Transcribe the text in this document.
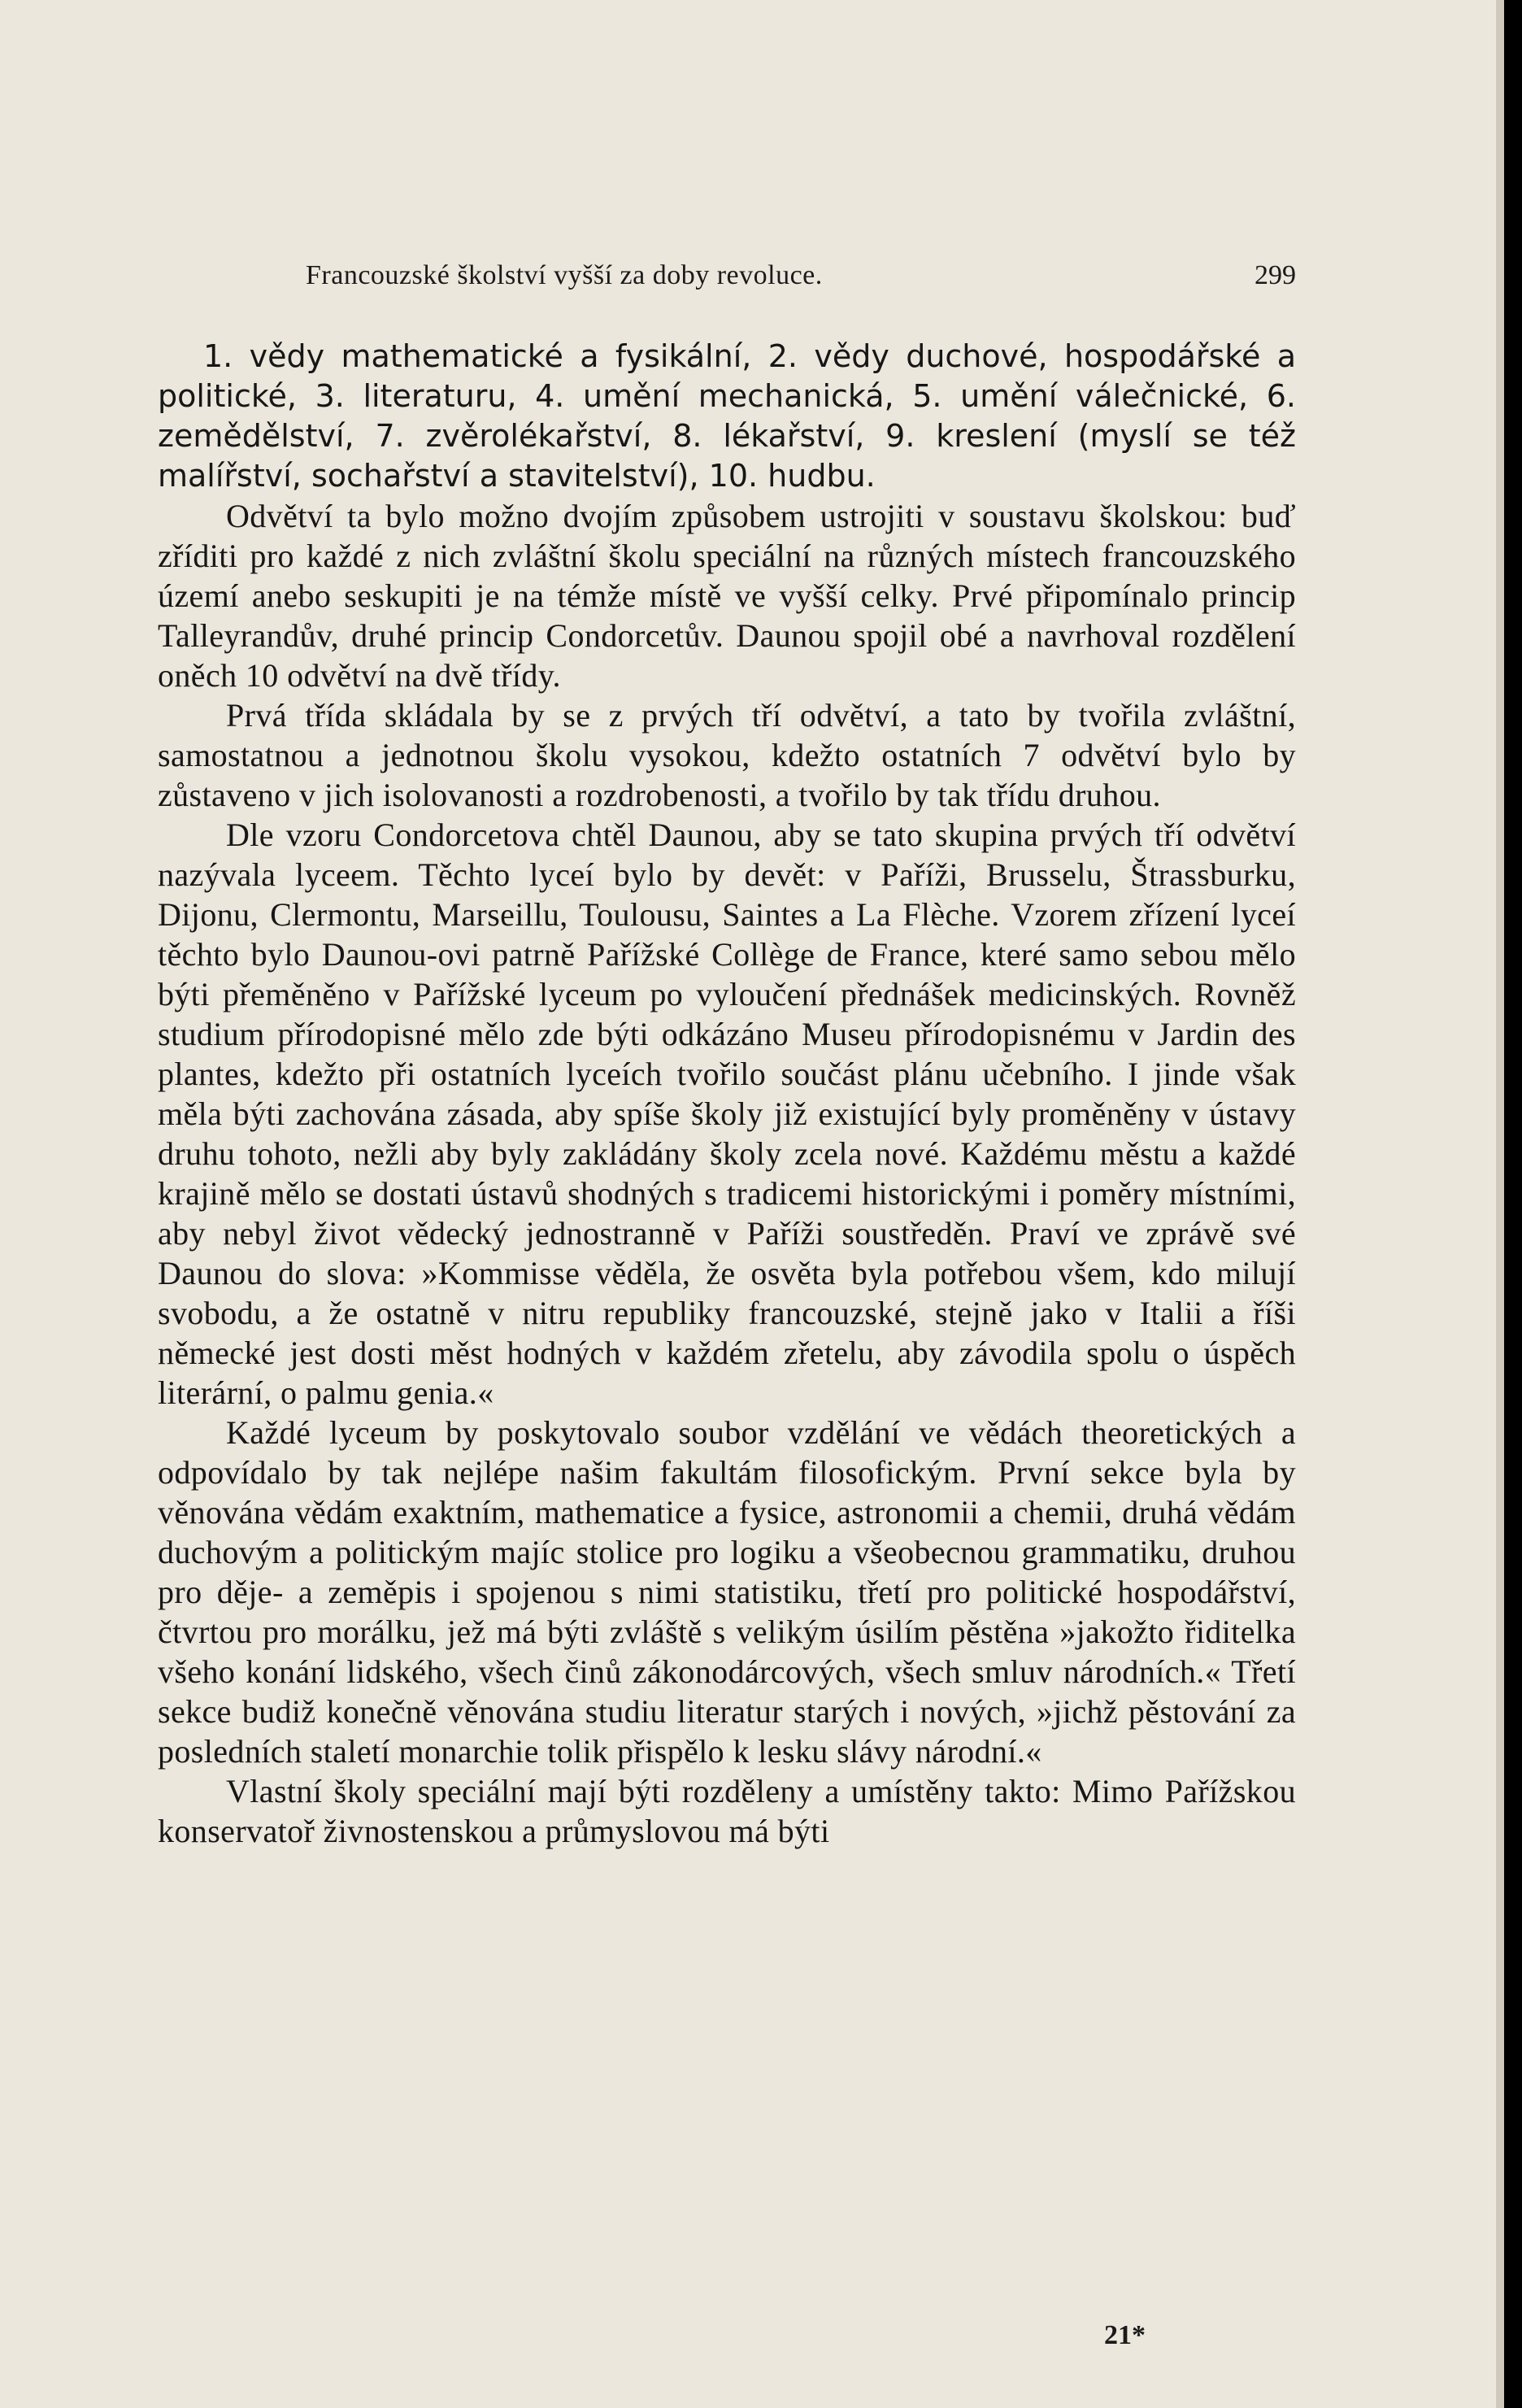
Francouzské školství vyšší za doby revoluce.	299

1. vědy mathematické a fysikální, 2. vědy duchové, hospodářské a politické, 3. literaturu, 4. umění mechanická, 5. umění válečnické, 6. zemědělství, 7. zvěrolékařství, 8. lékařství, 9. kreslení (myslí se též malířství, sochařství a stavitelství), 10. hudbu.

Odvětví ta bylo možno dvojím způsobem ustrojiti v soustavu školskou: buď zříditi pro každé z nich zvláštní školu speciální na různých místech francouzského území anebo seskupiti je na témže místě ve vyšší celky. Prvé připomínalo princip Talleyrandův, druhé princip Condorcetův. Daunou spojil obé a navrhoval rozdělení oněch 10 odvětví na dvě třídy.

Prvá třída skládala by se z prvých tří odvětví, a tato by tvořila zvláštní, samostatnou a jednotnou školu vysokou, kdežto ostatních 7 odvětví bylo by zůstaveno v jich isolovanosti a rozdrobenosti, a tvořilo by tak třídu druhou.

Dle vzoru Condorcetova chtěl Daunou, aby se tato skupina prvých tří odvětví nazývala lyceem. Těchto lyceí bylo by devět: v Paříži, Brusselu, Štrassburku, Dijonu, Clermontu, Marseillu, Toulousu, Saintes a La Flèche. Vzorem zřízení lyceí těchto bylo Daunou-ovi patrně Pařížské Collège de France, které samo sebou mělo býti přeměněno v Pařížské lyceum po vyloučení přednášek medicinských. Rovněž studium přírodopisné mělo zde býti odkázáno Museu přírodopisnému v Jardin des plantes, kdežto při ostatních lyceích tvořilo součást plánu učebního. I jinde však měla býti zachována zásada, aby spíše školy již existující byly proměněny v ústavy druhu tohoto, nežli aby byly zakládány školy zcela nové. Každému městu a každé krajině mělo se dostati ústavů shodných s tradicemi historickými i poměry místními, aby nebyl život vědecký jednostranně v Paříži soustředěn. Praví ve zprávě své Daunou do slova: »Kommisse věděla, že osvěta byla potřebou všem, kdo milují svobodu, a že ostatně v nitru republiky francouzské, stejně jako v Italii a říši německé jest dosti měst hodných v každém zřetelu, aby závodila spolu o úspěch literární, o palmu genia.«

Každé lyceum by poskytovalo soubor vzdělání ve vědách theoretických a odpovídalo by tak nejlépe našim fakultám filosofickým. První sekce byla by věnována vědám exaktním, mathematice a fysice, astronomii a chemii, druhá vědám duchovým a politickým majíc stolice pro logiku a všeobecnou grammatiku, druhou pro děje- a zeměpis i spojenou s nimi statistiku, třetí pro politické hospodářství, čtvrtou pro morálku, jež má býti zvláště s velikým úsilím pěstěna »jakožto řiditelka všeho konání lidského, všech činů zákonodárcových, všech smluv národních.« Třetí sekce budiž konečně věnována studiu literatur starých i nových, »jichž pěstování za posledních staletí monarchie tolik přispělo k lesku slávy národní.«

Vlastní školy speciální mají býti rozděleny a umístěny takto: Mimo Pařížskou konservatoř živnostenskou a průmyslovou má býti

21*
